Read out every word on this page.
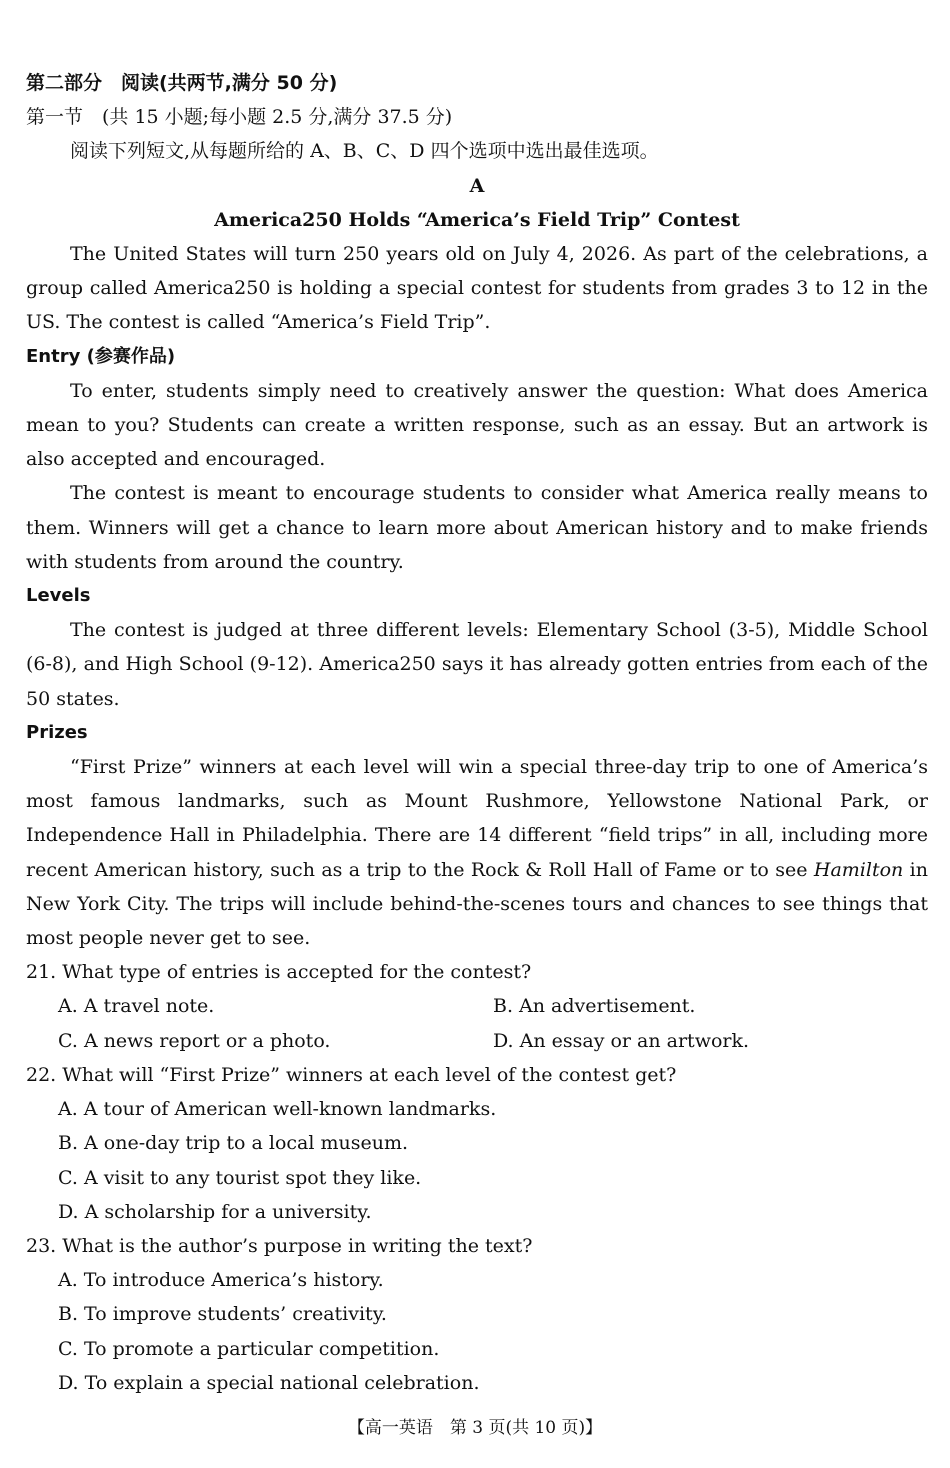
第二部分　阅读(共两节,满分 50 分)
第一节　(共 15 小题;每小题 2.5 分,满分 37.5 分)
阅读下列短文,从每题所给的 A、B、C、D 四个选项中选出最佳选项。
A
America250 Holds “America’s Field Trip” Contest

The United States will turn 250 years old on July 4, 2026. As part of the celebrations, a group called America250 is holding a special contest for students from grades 3 to 12 in the US. The contest is called “America’s Field Trip”.

Entry (参赛作品)

To enter, students simply need to creatively answer the question: What does America mean to you? Students can create a written response, such as an essay. But an artwork is also accepted and encouraged.

The contest is meant to encourage students to consider what America really means to them. Winners will get a chance to learn more about American history and to make friends with students from around the country.

Levels

The contest is judged at three different levels: Elementary School (3-5), Middle School (6-8), and High School (9-12). America250 says it has already gotten entries from each of the 50 states.

Prizes

“First Prize” winners at each level will win a special three-day trip to one of America’s most famous landmarks, such as Mount Rushmore, Yellowstone National Park, or Independence Hall in Philadelphia. There are 14 different “field trips” in all, including more recent American history, such as a trip to the Rock & Roll Hall of Fame or to see Hamilton in New York City. The trips will include behind-the-scenes tours and chances to see things that most people never get to see.

21. What type of entries is accepted for the contest?
A. A travel note.	B. An advertisement.
C. A news report or a photo.	D. An essay or an artwork.
22. What will “First Prize” winners at each level of the contest get?
A. A tour of American well-known landmarks.
B. A one-day trip to a local museum.
C. A visit to any tourist spot they like.
D. A scholarship for a university.
23. What is the author’s purpose in writing the text?
A. To introduce America’s history.
B. To improve students’ creativity.
C. To promote a particular competition.
D. To explain a special national celebration.
【高一英语　第 3 页(共 10 页)】
